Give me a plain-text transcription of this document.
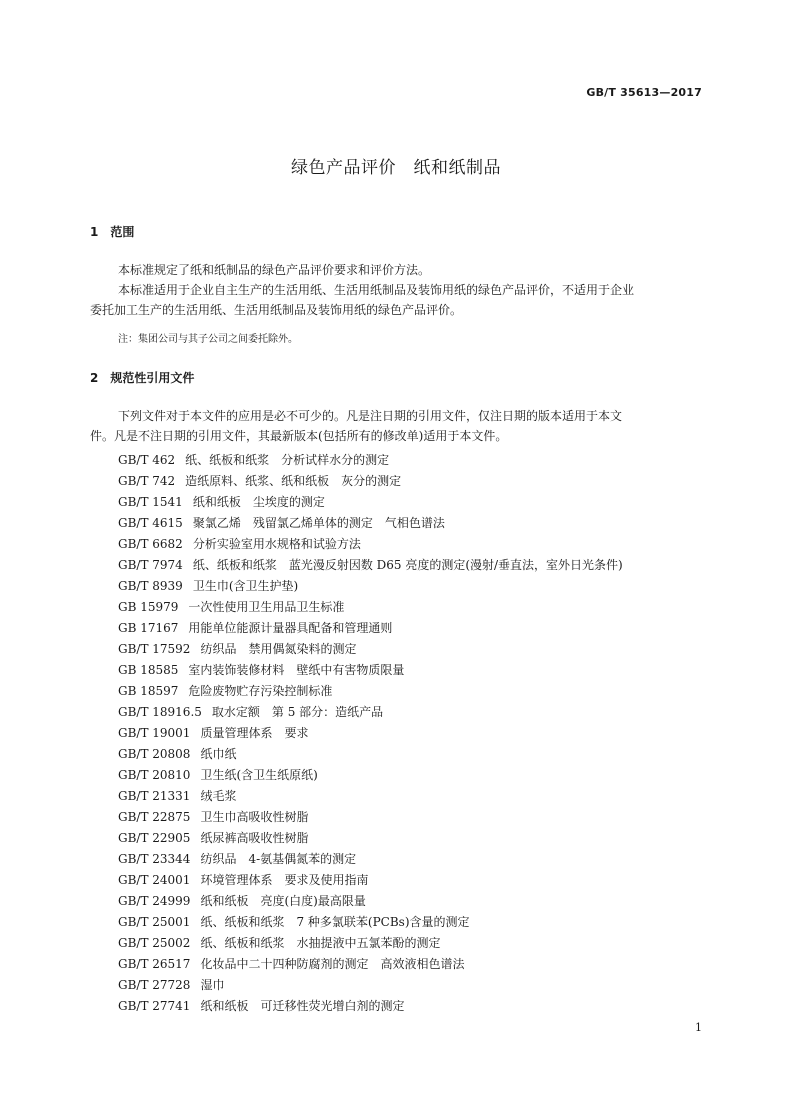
GB/T 35613—2017
绿色产品评价　纸和纸制品
1　范围
本标准规定了纸和纸制品的绿色产品评价要求和评价方法。
本标准适用于企业自主生产的生活用纸、生活用纸制品及装饰用纸的绿色产品评价，不适用于企业
委托加工生产的生活用纸、生活用纸制品及装饰用纸的绿色产品评价。
注：集团公司与其子公司之间委托除外。
2　规范性引用文件
下列文件对于本文件的应用是必不可少的。凡是注日期的引用文件，仅注日期的版本适用于本文
件。凡是不注日期的引用文件，其最新版本(包括所有的修改单)适用于本文件。
GB/T 462 纸、纸板和纸浆　分析试样水分的测定
GB/T 742 造纸原料、纸浆、纸和纸板　灰分的测定
GB/T 1541 纸和纸板　尘埃度的测定
GB/T 4615 聚氯乙烯　残留氯乙烯单体的测定　气相色谱法
GB/T 6682 分析实验室用水规格和试验方法
GB/T 7974 纸、纸板和纸浆　蓝光漫反射因数 D65 亮度的测定(漫射/垂直法，室外日光条件)
GB/T 8939 卫生巾(含卫生护垫)
GB 15979 一次性使用卫生用品卫生标准
GB 17167 用能单位能源计量器具配备和管理通则
GB/T 17592 纺织品　禁用偶氮染料的测定
GB 18585 室内装饰装修材料　壁纸中有害物质限量
GB 18597 危险废物贮存污染控制标准
GB/T 18916.5 取水定额　第 5 部分：造纸产品
GB/T 19001 质量管理体系　要求
GB/T 20808 纸巾纸
GB/T 20810 卫生纸(含卫生纸原纸)
GB/T 21331 绒毛浆
GB/T 22875 卫生巾高吸收性树脂
GB/T 22905 纸尿裤高吸收性树脂
GB/T 23344 纺织品　4-氨基偶氮苯的测定
GB/T 24001 环境管理体系　要求及使用指南
GB/T 24999 纸和纸板　亮度(白度)最高限量
GB/T 25001 纸、纸板和纸浆　7 种多氯联苯(PCBs)含量的测定
GB/T 25002 纸、纸板和纸浆　水抽提液中五氯苯酚的测定
GB/T 26517 化妆品中二十四种防腐剂的测定　高效液相色谱法
GB/T 27728 湿巾
GB/T 27741 纸和纸板　可迁移性荧光增白剂的测定
1
